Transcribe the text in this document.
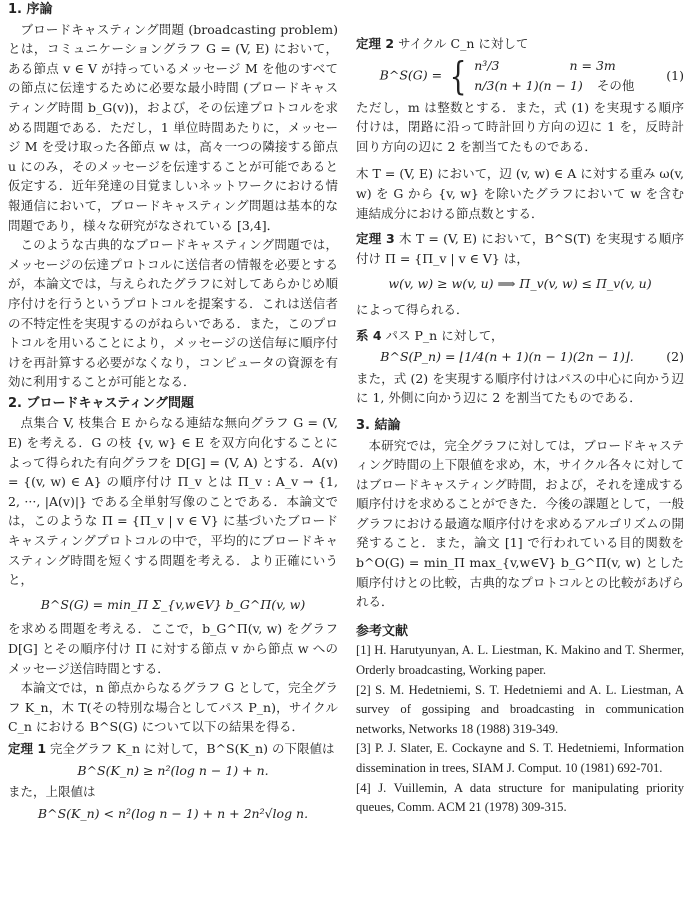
1. 序論

ブロードキャスティング問題 (broadcasting problem) とは，コミュニケーショングラフ G = (V, E) において，ある節点 v ∈ V が持っているメッセージ M を他のすべての節点に伝達するために必要な最小時間 (ブロードキャスティング時間 b_G(v))，および，その伝達プロトコルを求める問題である．ただし，1 単位時間あたりに，メッセージ M を受け取った各節点 w は，高々一つの隣接する節点 u にのみ，そのメッセージを伝達することが可能であると仮定する．近年発達の目覚ましいネットワークにおける情報通信において，ブロードキャスティング問題は基本的な問題であり，様々な研究がなされている [3,4]．

このような古典的なブロードキャスティング問題では，メッセージの伝達プロトコルに送信者の情報を必要とするが，本論文では，与えられたグラフに対してあらかじめ順序付けを行うというプロトコルを提案する．これは送信者の不特定性を実現するのがねらいである．また，このプロトコルを用いることにより，メッセージの送信毎に順序付けを再計算する必要がなくなり，コンピュータの資源を有効に利用することが可能となる．

2. ブロードキャスティング問題

点集合 V, 枝集合 E からなる連結な無向グラフ G = (V, E) を考える．G の枝 {v, w} ∈ E を双方向化することによって得られた有向グラフを D[G] = (V, A) とする．A(v) = {(v, w) ∈ A} の順序付け Π_v とは Π_v : A_v → {1, 2, ···, |A(v)|} である全単射写像のことである．本論文では，このような Π = {Π_v | v ∈ V} に基づいたブロードキャスティングプロトコルの中で，平均的にブロードキャスティング時間を短くする問題を考える．より正確にいうと，

B^S(G) = min_Π Σ_{v,w∈V} b_G^Π(v, w)

を求める問題を考える．ここで，b_G^Π(v, w) をグラフ D[G] とその順序付け Π に対する節点 v から節点 w へのメッセージ送信時間とする．

本論文では，n 節点からなるグラフ G として，完全グラフ K_n，木 T(その特別な場合としてパス P_n)，サイクル C_n における B^S(G) について以下の結果を得る．

定理 1 完全グラフ K_n に対して，B^S(K_n) の下限値は

B^S(K_n) ≥ n²(log n − 1) + n.

また，上限値は

B^S(K_n) < n²(log n − 1) + n + 2n²√log n.

定理 2 サイクル C_n に対して

B^S(G) = { n³/3	n = 3m
n/3(n + 1)(n − 1) その他
(1)

ただし，m は整数とする．また，式 (1) を実現する順序付けは，閉路に沿って時計回り方向の辺に 1 を，反時計回り方向の辺に 2 を割当てたものである．

木 T = (V, E) において，辺 (v, w) ∈ A に対する重み ω(v, w) を G から {v, w} を除いたグラフにおいて w を含む連結成分における節点数とする．

定理 3 木 T = (V, E) において，B^S(T) を実現する順序付け Π = {Π_v | v ∈ V} は，

w(v, w) ≥ w(v, u) ⟹ Π_v(v, w) ≤ Π_v(v, u)

によって得られる．

系 4 パス P_n に対して，

B^S(P_n) = ⌊1/4(n + 1)(n − 1)(2n − 1)⌋.	(2)

また，式 (2) を実現する順序付けはパスの中心に向かう辺に 1, 外側に向かう辺に 2 を割当てたものである．

3. 結論

本研究では，完全グラフに対しては，ブロードキャスティング時間の上下限値を求め，木，サイクル各々に対してはブロードキャスティング時間，および，それを達成する順序付けを求めることができた．今後の課題として，一般グラフにおける最適な順序付けを求めるアルゴリズムの開発すること．また，論文 [1] で行われている目的関数を b^O(G) = min_Π max_{v,w∈V} b_G^Π(v, w) とした順序付けとの比較，古典的なプロトコルとの比較があげられる．

参考文献

[1] H. Harutyunyan, A. L. Liestman, K. Makino and T. Shermer, Orderly broadcasting, Working paper.

[2] S. M. Hedetniemi, S. T. Hedetniemi and A. L. Liestman, A survey of gossiping and broadcasting in communication networks, Networks 18 (1988) 319-349.

[3] P. J. Slater, E. Cockayne and S. T. Hedetniemi, Information dissemination in trees, SIAM J. Comput. 10 (1981) 692-701.

[4] J. Vuillemin, A data structure for manipulating priority queues, Comm. ACM 21 (1978) 309-315.
